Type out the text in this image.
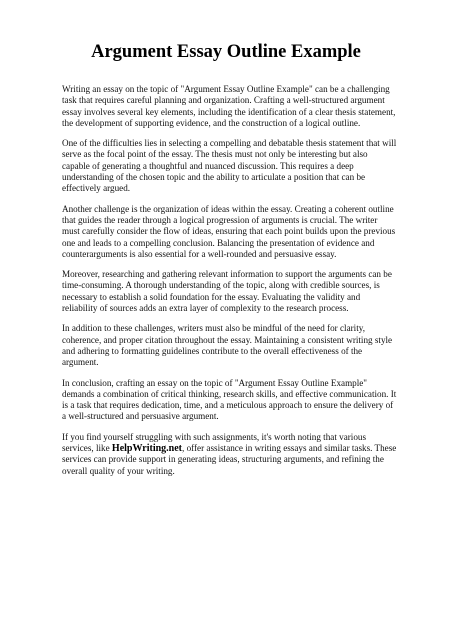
Argument Essay Outline Example

Writing an essay on the topic of "Argument Essay Outline Example" can be a challenging task that requires careful planning and organization. Crafting a well-structured argument essay involves several key elements, including the identification of a clear thesis statement, the development of supporting evidence, and the construction of a logical outline.

One of the difficulties lies in selecting a compelling and debatable thesis statement that will serve as the focal point of the essay. The thesis must not only be interesting but also capable of generating a thoughtful and nuanced discussion. This requires a deep understanding of the chosen topic and the ability to articulate a position that can be effectively argued.

Another challenge is the organization of ideas within the essay. Creating a coherent outline that guides the reader through a logical progression of arguments is crucial. The writer must carefully consider the flow of ideas, ensuring that each point builds upon the previous one and leads to a compelling conclusion. Balancing the presentation of evidence and counterarguments is also essential for a well-rounded and persuasive essay.

Moreover, researching and gathering relevant information to support the arguments can be time-consuming. A thorough understanding of the topic, along with credible sources, is necessary to establish a solid foundation for the essay. Evaluating the validity and reliability of sources adds an extra layer of complexity to the research process.

In addition to these challenges, writers must also be mindful of the need for clarity, coherence, and proper citation throughout the essay. Maintaining a consistent writing style and adhering to formatting guidelines contribute to the overall effectiveness of the argument.

In conclusion, crafting an essay on the topic of "Argument Essay Outline Example" demands a combination of critical thinking, research skills, and effective communication. It is a task that requires dedication, time, and a meticulous approach to ensure the delivery of a well-structured and persuasive argument.

If you find yourself struggling with such assignments, it's worth noting that various services, like HelpWriting.net, offer assistance in writing essays and similar tasks. These services can provide support in generating ideas, structuring arguments, and refining the overall quality of your writing.
